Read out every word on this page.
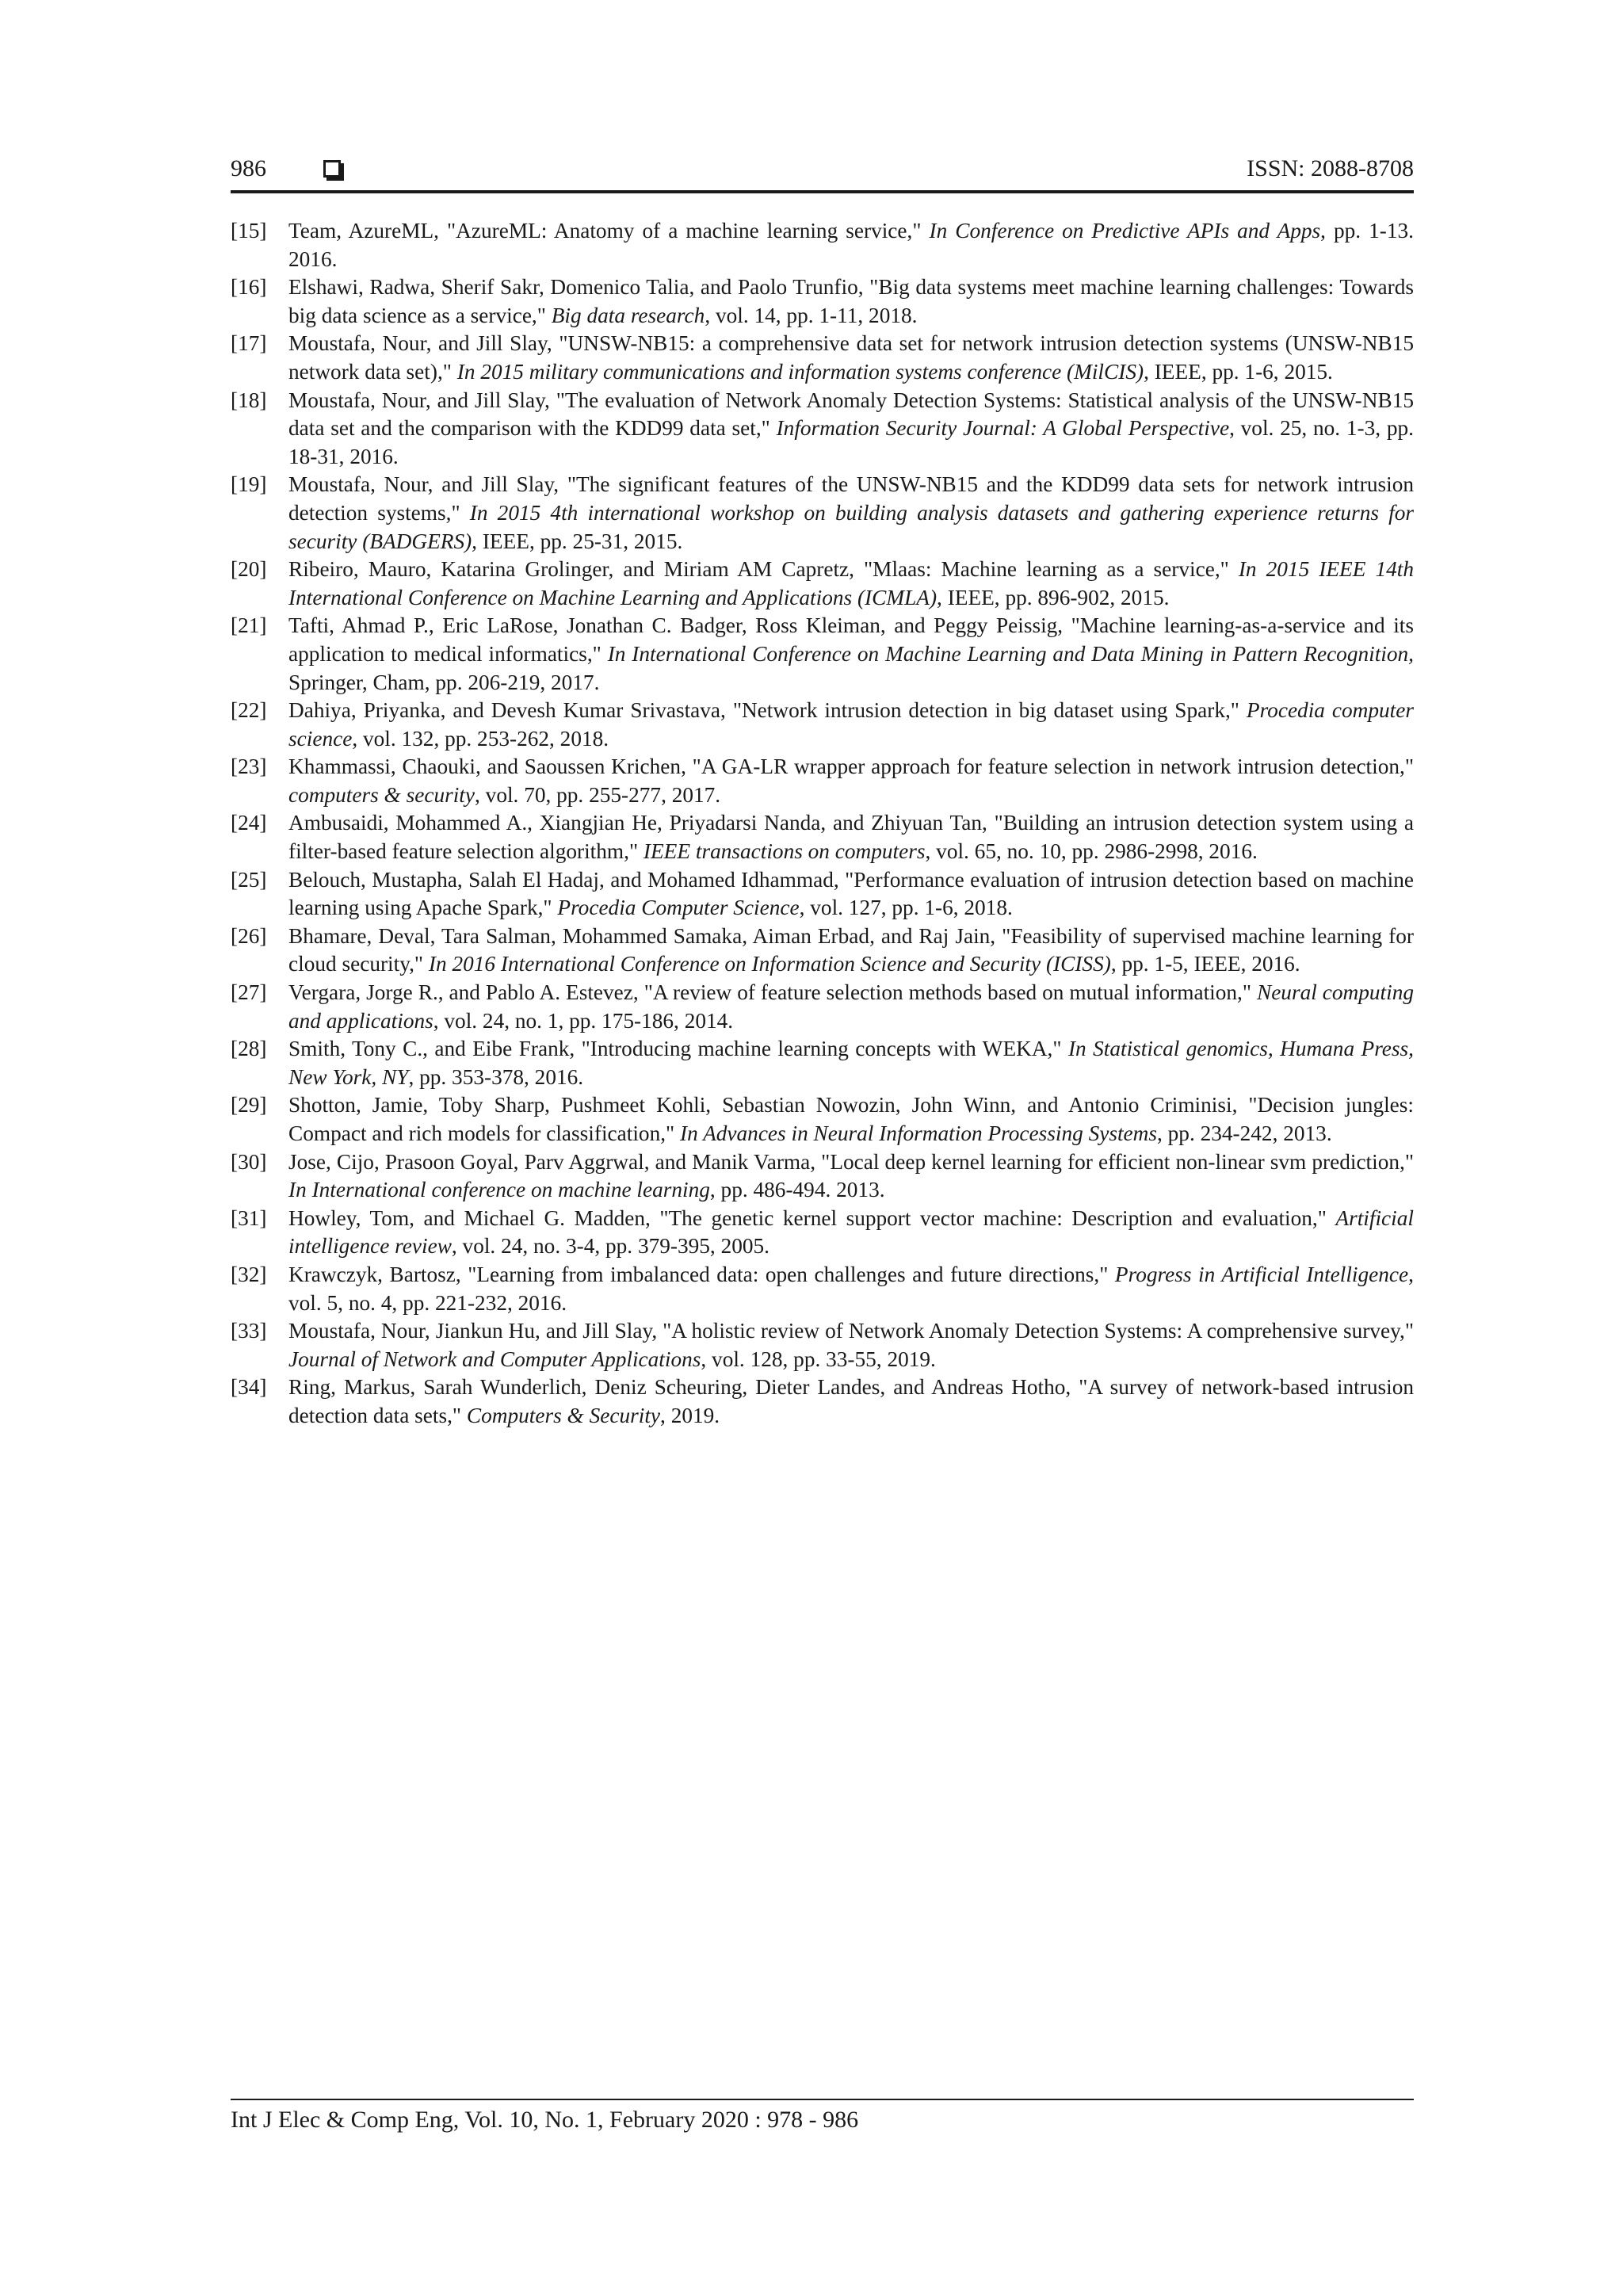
986	ISSN: 2088-8708
[15]	Team, AzureML, "AzureML: Anatomy of a machine learning service," In Conference on Predictive APIs and Apps, pp. 1-13. 2016.
[16]	Elshawi, Radwa, Sherif Sakr, Domenico Talia, and Paolo Trunfio, "Big data systems meet machine learning challenges: Towards big data science as a service," Big data research, vol. 14, pp. 1-11, 2018.
[17]	Moustafa, Nour, and Jill Slay, "UNSW-NB15: a comprehensive data set for network intrusion detection systems (UNSW-NB15 network data set)," In 2015 military communications and information systems conference (MilCIS), IEEE, pp. 1-6, 2015.
[18]	Moustafa, Nour, and Jill Slay, "The evaluation of Network Anomaly Detection Systems: Statistical analysis of the UNSW-NB15 data set and the comparison with the KDD99 data set," Information Security Journal: A Global Perspective, vol. 25, no. 1-3, pp. 18-31, 2016.
[19]	Moustafa, Nour, and Jill Slay, "The significant features of the UNSW-NB15 and the KDD99 data sets for network intrusion detection systems," In 2015 4th international workshop on building analysis datasets and gathering experience returns for security (BADGERS), IEEE, pp. 25-31, 2015.
[20]	Ribeiro, Mauro, Katarina Grolinger, and Miriam AM Capretz, "Mlaas: Machine learning as a service," In 2015 IEEE 14th International Conference on Machine Learning and Applications (ICMLA), IEEE, pp. 896-902, 2015.
[21]	Tafti, Ahmad P., Eric LaRose, Jonathan C. Badger, Ross Kleiman, and Peggy Peissig, "Machine learning-as-a-service and its application to medical informatics," In International Conference on Machine Learning and Data Mining in Pattern Recognition, Springer, Cham, pp. 206-219, 2017.
[22]	Dahiya, Priyanka, and Devesh Kumar Srivastava, "Network intrusion detection in big dataset using Spark," Procedia computer science, vol. 132, pp. 253-262, 2018.
[23]	Khammassi, Chaouki, and Saoussen Krichen, "A GA-LR wrapper approach for feature selection in network intrusion detection," computers & security, vol. 70, pp. 255-277, 2017.
[24]	Ambusaidi, Mohammed A., Xiangjian He, Priyadarsi Nanda, and Zhiyuan Tan, "Building an intrusion detection system using a filter-based feature selection algorithm," IEEE transactions on computers, vol. 65, no. 10, pp. 2986-2998, 2016.
[25]	Belouch, Mustapha, Salah El Hadaj, and Mohamed Idhammad, "Performance evaluation of intrusion detection based on machine learning using Apache Spark," Procedia Computer Science, vol. 127, pp. 1-6, 2018.
[26]	Bhamare, Deval, Tara Salman, Mohammed Samaka, Aiman Erbad, and Raj Jain, "Feasibility of supervised machine learning for cloud security," In 2016 International Conference on Information Science and Security (ICISS), pp. 1-5, IEEE, 2016.
[27]	Vergara, Jorge R., and Pablo A. Estevez, "A review of feature selection methods based on mutual information," Neural computing and applications, vol. 24, no. 1, pp. 175-186, 2014.
[28]	Smith, Tony C., and Eibe Frank, "Introducing machine learning concepts with WEKA," In Statistical genomics, Humana Press, New York, NY, pp. 353-378, 2016.
[29]	Shotton, Jamie, Toby Sharp, Pushmeet Kohli, Sebastian Nowozin, John Winn, and Antonio Criminisi, "Decision jungles: Compact and rich models for classification," In Advances in Neural Information Processing Systems, pp. 234-242, 2013.
[30]	Jose, Cijo, Prasoon Goyal, Parv Aggrwal, and Manik Varma, "Local deep kernel learning for efficient non-linear svm prediction," In International conference on machine learning, pp. 486-494. 2013.
[31]	Howley, Tom, and Michael G. Madden, "The genetic kernel support vector machine: Description and evaluation," Artificial intelligence review, vol. 24, no. 3-4, pp. 379-395, 2005.
[32]	Krawczyk, Bartosz, "Learning from imbalanced data: open challenges and future directions," Progress in Artificial Intelligence, vol. 5, no. 4, pp. 221-232, 2016.
[33]	Moustafa, Nour, Jiankun Hu, and Jill Slay, "A holistic review of Network Anomaly Detection Systems: A comprehensive survey," Journal of Network and Computer Applications, vol. 128, pp. 33-55, 2019.
[34]	Ring, Markus, Sarah Wunderlich, Deniz Scheuring, Dieter Landes, and Andreas Hotho, "A survey of network-based intrusion detection data sets," Computers & Security, 2019.
Int J Elec & Comp Eng, Vol. 10, No. 1, February 2020 : 978 - 986
